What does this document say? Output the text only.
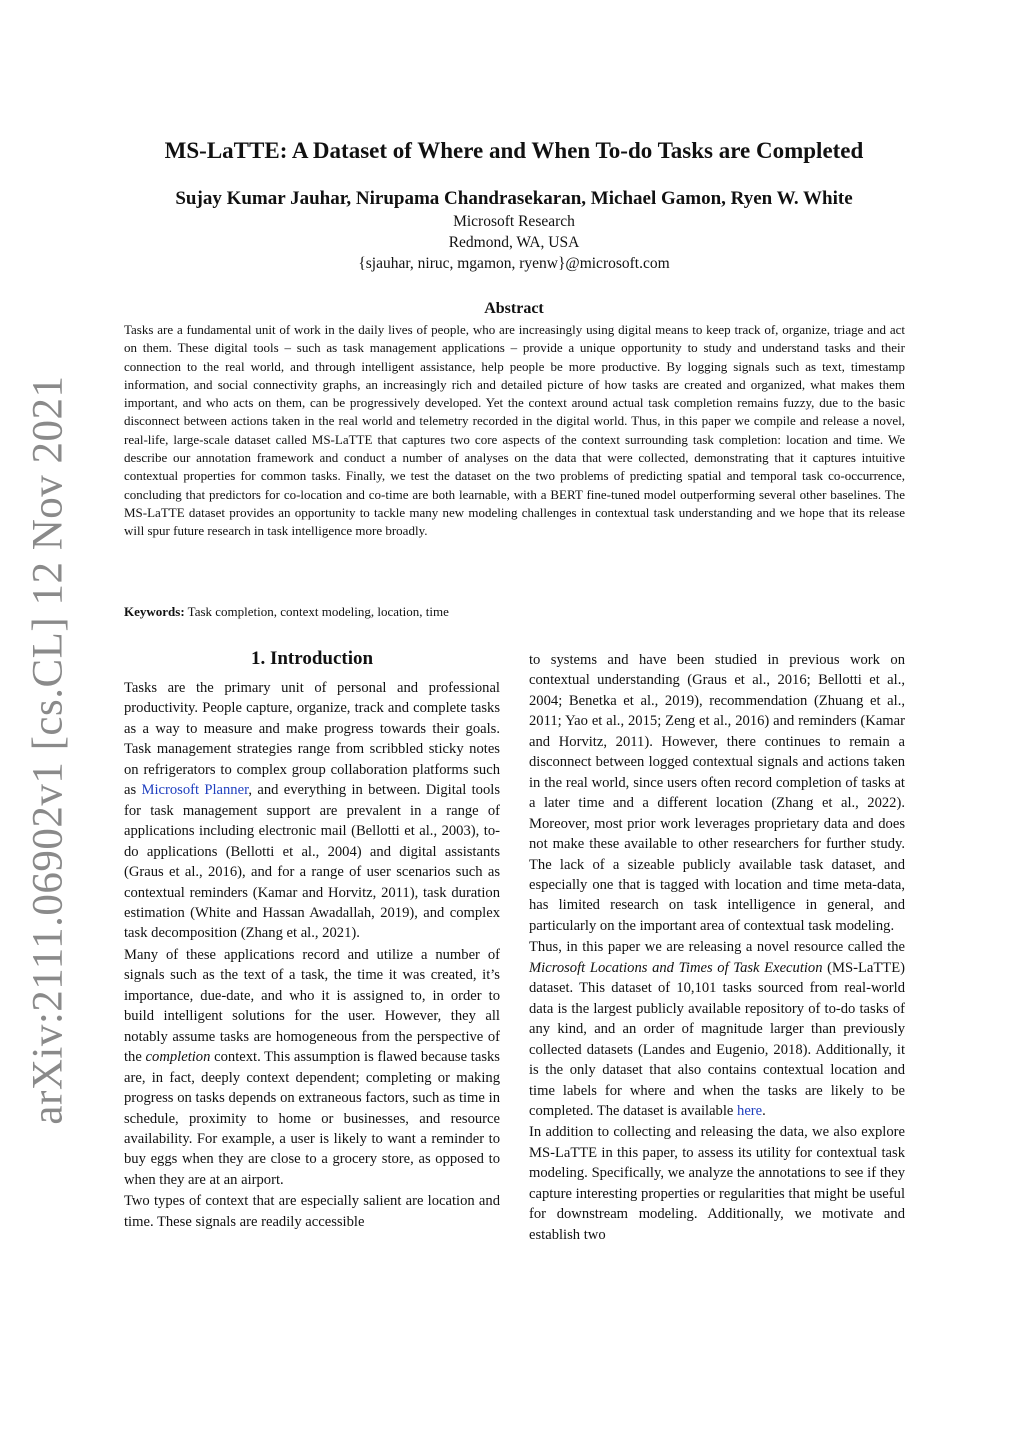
arXiv:2111.06902v1 [cs.CL] 12 Nov 2021
MS-LaTTE: A Dataset of Where and When To-do Tasks are Completed
Sujay Kumar Jauhar, Nirupama Chandrasekaran, Michael Gamon, Ryen W. White
Microsoft Research
Redmond, WA, USA
{sjauhar, niruc, mgamon, ryenw}@microsoft.com
Abstract

Tasks are a fundamental unit of work in the daily lives of people, who are increasingly using digital means to keep track of, organize, triage and act on them. These digital tools – such as task management applications – provide a unique opportunity to study and understand tasks and their connection to the real world, and through intelligent assistance, help people be more productive. By logging signals such as text, timestamp information, and social connectivity graphs, an increasingly rich and detailed picture of how tasks are created and organized, what makes them important, and who acts on them, can be progressively developed. Yet the context around actual task completion remains fuzzy, due to the basic disconnect between actions taken in the real world and telemetry recorded in the digital world. Thus, in this paper we compile and release a novel, real-life, large-scale dataset called MS-LaTTE that captures two core aspects of the context surrounding task completion: location and time. We describe our annotation framework and conduct a number of analyses on the data that were collected, demonstrating that it captures intuitive contextual properties for common tasks. Finally, we test the dataset on the two problems of predicting spatial and temporal task co-occurrence, concluding that predictors for co-location and co-time are both learnable, with a BERT fine-tuned model outperforming several other baselines. The MS-LaTTE dataset provides an opportunity to tackle many new modeling challenges in contextual task understanding and we hope that its release will spur future research in task intelligence more broadly.

Keywords: Task completion, context modeling, location, time
1. Introduction

Tasks are the primary unit of personal and professional productivity. People capture, organize, track and complete tasks as a way to measure and make progress towards their goals. Task management strategies range from scribbled sticky notes on refrigerators to complex group collaboration platforms such as Microsoft Planner, and everything in between. Digital tools for task management support are prevalent in a range of applications including electronic mail (Bellotti et al., 2003), to-do applications (Bellotti et al., 2004) and digital assistants (Graus et al., 2016), and for a range of user scenarios such as contextual reminders (Kamar and Horvitz, 2011), task duration estimation (White and Hassan Awadallah, 2019), and complex task decomposition (Zhang et al., 2021).

Many of these applications record and utilize a number of signals such as the text of a task, the time it was created, it’s importance, due-date, and who it is assigned to, in order to build intelligent solutions for the user. However, they all notably assume tasks are homogeneous from the perspective of the completion context. This assumption is flawed because tasks are, in fact, deeply context dependent; completing or making progress on tasks depends on extraneous factors, such as time in schedule, proximity to home or businesses, and resource availability. For example, a user is likely to want a reminder to buy eggs when they are close to a grocery store, as opposed to when they are at an airport.

Two types of context that are especially salient are location and time. These signals are readily accessible

to systems and have been studied in previous work on contextual understanding (Graus et al., 2016; Bellotti et al., 2004; Benetka et al., 2019), recommendation (Zhuang et al., 2011; Yao et al., 2015; Zeng et al., 2016) and reminders (Kamar and Horvitz, 2011). However, there continues to remain a disconnect between logged contextual signals and actions taken in the real world, since users often record completion of tasks at a later time and a different location (Zhang et al., 2022). Moreover, most prior work leverages proprietary data and does not make these available to other researchers for further study. The lack of a sizeable publicly available task dataset, and especially one that is tagged with location and time meta-data, has limited research on task intelligence in general, and particularly on the important area of contextual task modeling.

Thus, in this paper we are releasing a novel resource called the Microsoft Locations and Times of Task Execution (MS-LaTTE) dataset. This dataset of 10,101 tasks sourced from real-world data is the largest publicly available repository of to-do tasks of any kind, and an order of magnitude larger than previously collected datasets (Landes and Eugenio, 2018). Additionally, it is the only dataset that also contains contextual location and time labels for where and when the tasks are likely to be completed. The dataset is available here.

In addition to collecting and releasing the data, we also explore MS-LaTTE in this paper, to assess its utility for contextual task modeling. Specifically, we analyze the annotations to see if they capture interesting properties or regularities that might be useful for downstream modeling. Additionally, we motivate and establish two
